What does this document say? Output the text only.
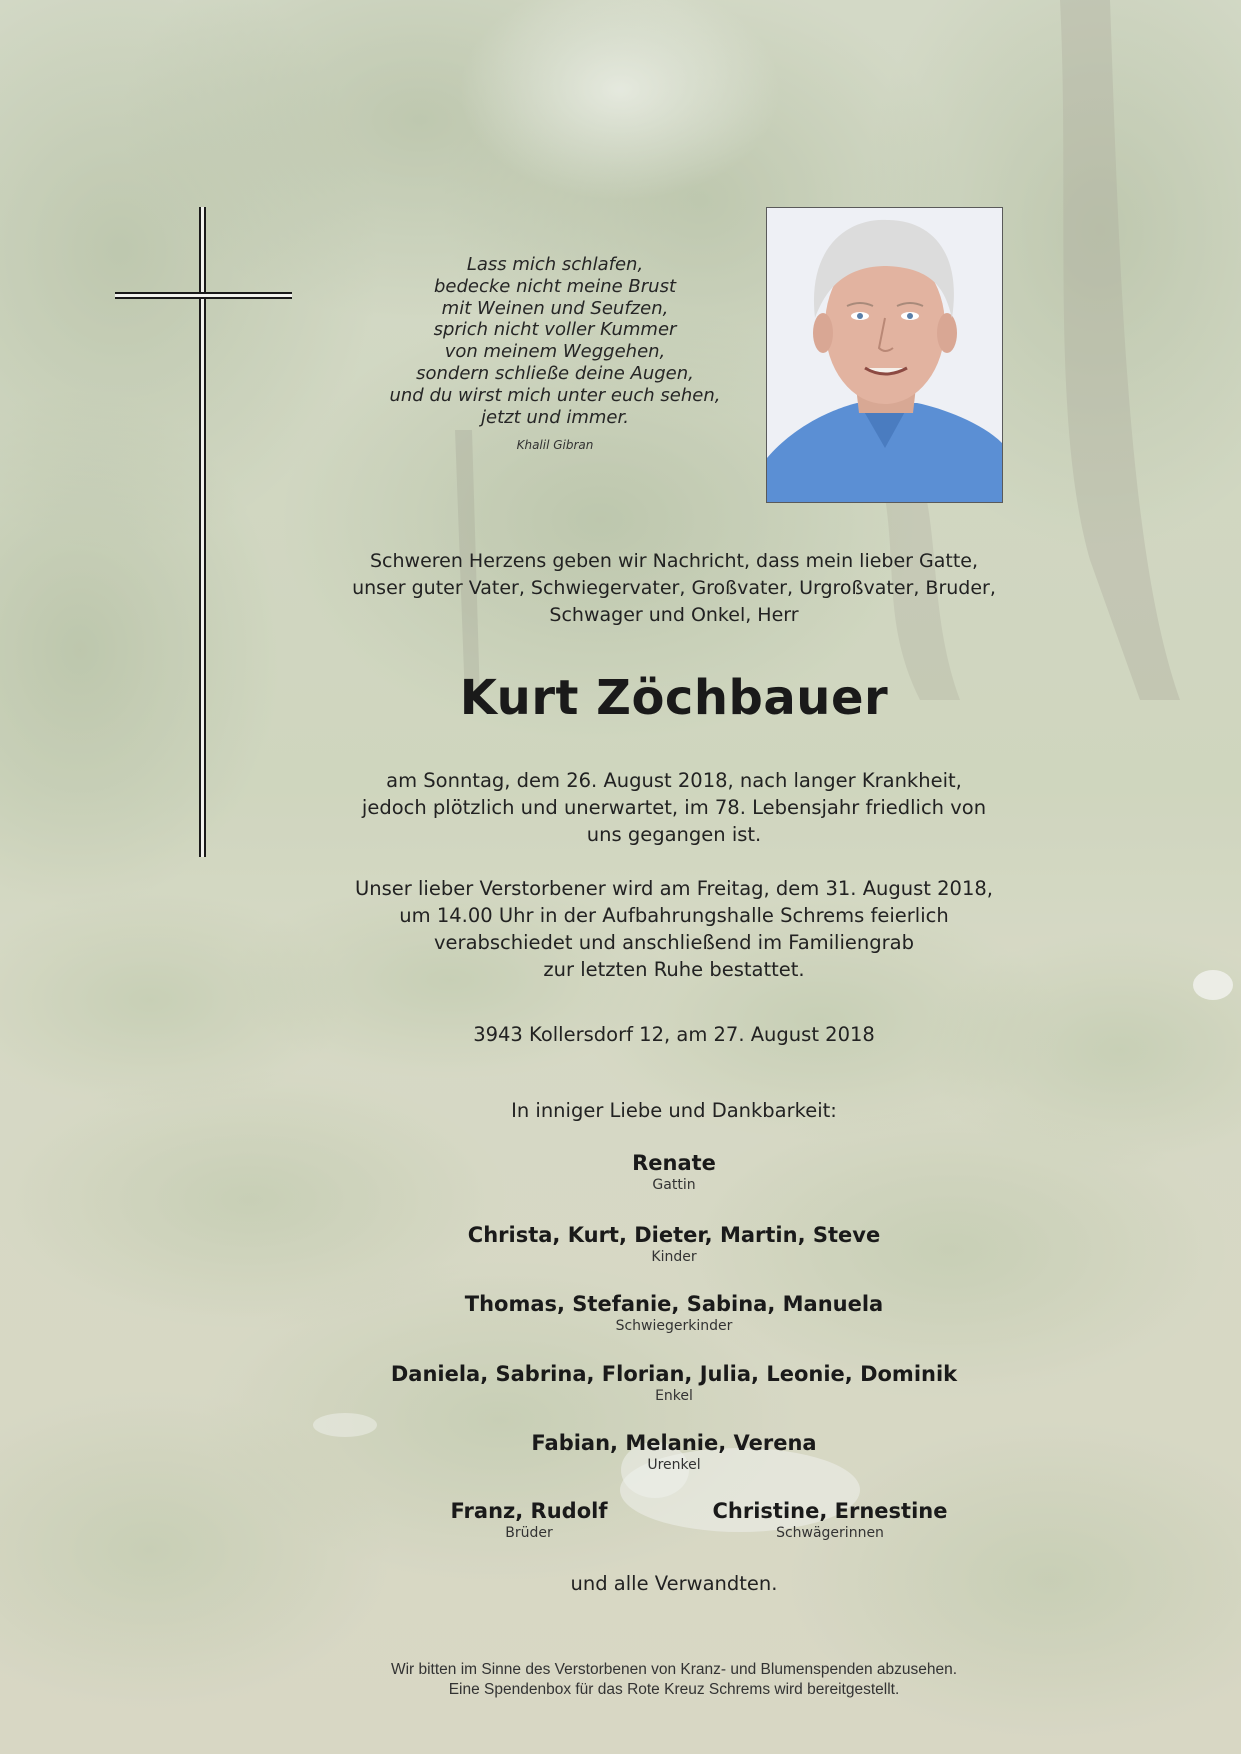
Lass mich schlafen,
bedecke nicht meine Brust
mit Weinen und Seufzen,
sprich nicht voller Kummer
von meinem Weggehen,
sondern schließe deine Augen,
und du wirst mich unter euch sehen,
jetzt und immer.
Khalil Gibran
Schweren Herzens geben wir Nachricht, dass mein lieber Gatte,
unser guter Vater, Schwiegervater, Großvater, Urgroßvater, Bruder,
Schwager und Onkel, Herr
Kurt Zöchbauer
am Sonntag, dem 26. August 2018, nach langer Krankheit,
jedoch plötzlich und unerwartet, im 78. Lebensjahr friedlich von
uns gegangen ist.
Unser lieber Verstorbener wird am Freitag, dem 31. August 2018,
um 14.00 Uhr in der Aufbahrungshalle Schrems feierlich
verabschiedet und anschließend im Familiengrab
zur letzten Ruhe bestattet.
3943 Kollersdorf 12, am 27. August 2018
In inniger Liebe und Dankbarkeit:
Renate
Gattin
Christa, Kurt, Dieter, Martin, Steve
Kinder
Thomas, Stefanie, Sabina, Manuela
Schwiegerkinder
Daniela, Sabrina, Florian, Julia, Leonie, Dominik
Enkel
Fabian, Melanie, Verena
Urenkel
Franz, Rudolf
Brüder
Christine, Ernestine
Schwägerinnen
und alle Verwandten.
Wir bitten im Sinne des Verstorbenen von Kranz- und Blumenspenden abzusehen.
Eine Spendenbox für das Rote Kreuz Schrems wird bereitgestellt.
